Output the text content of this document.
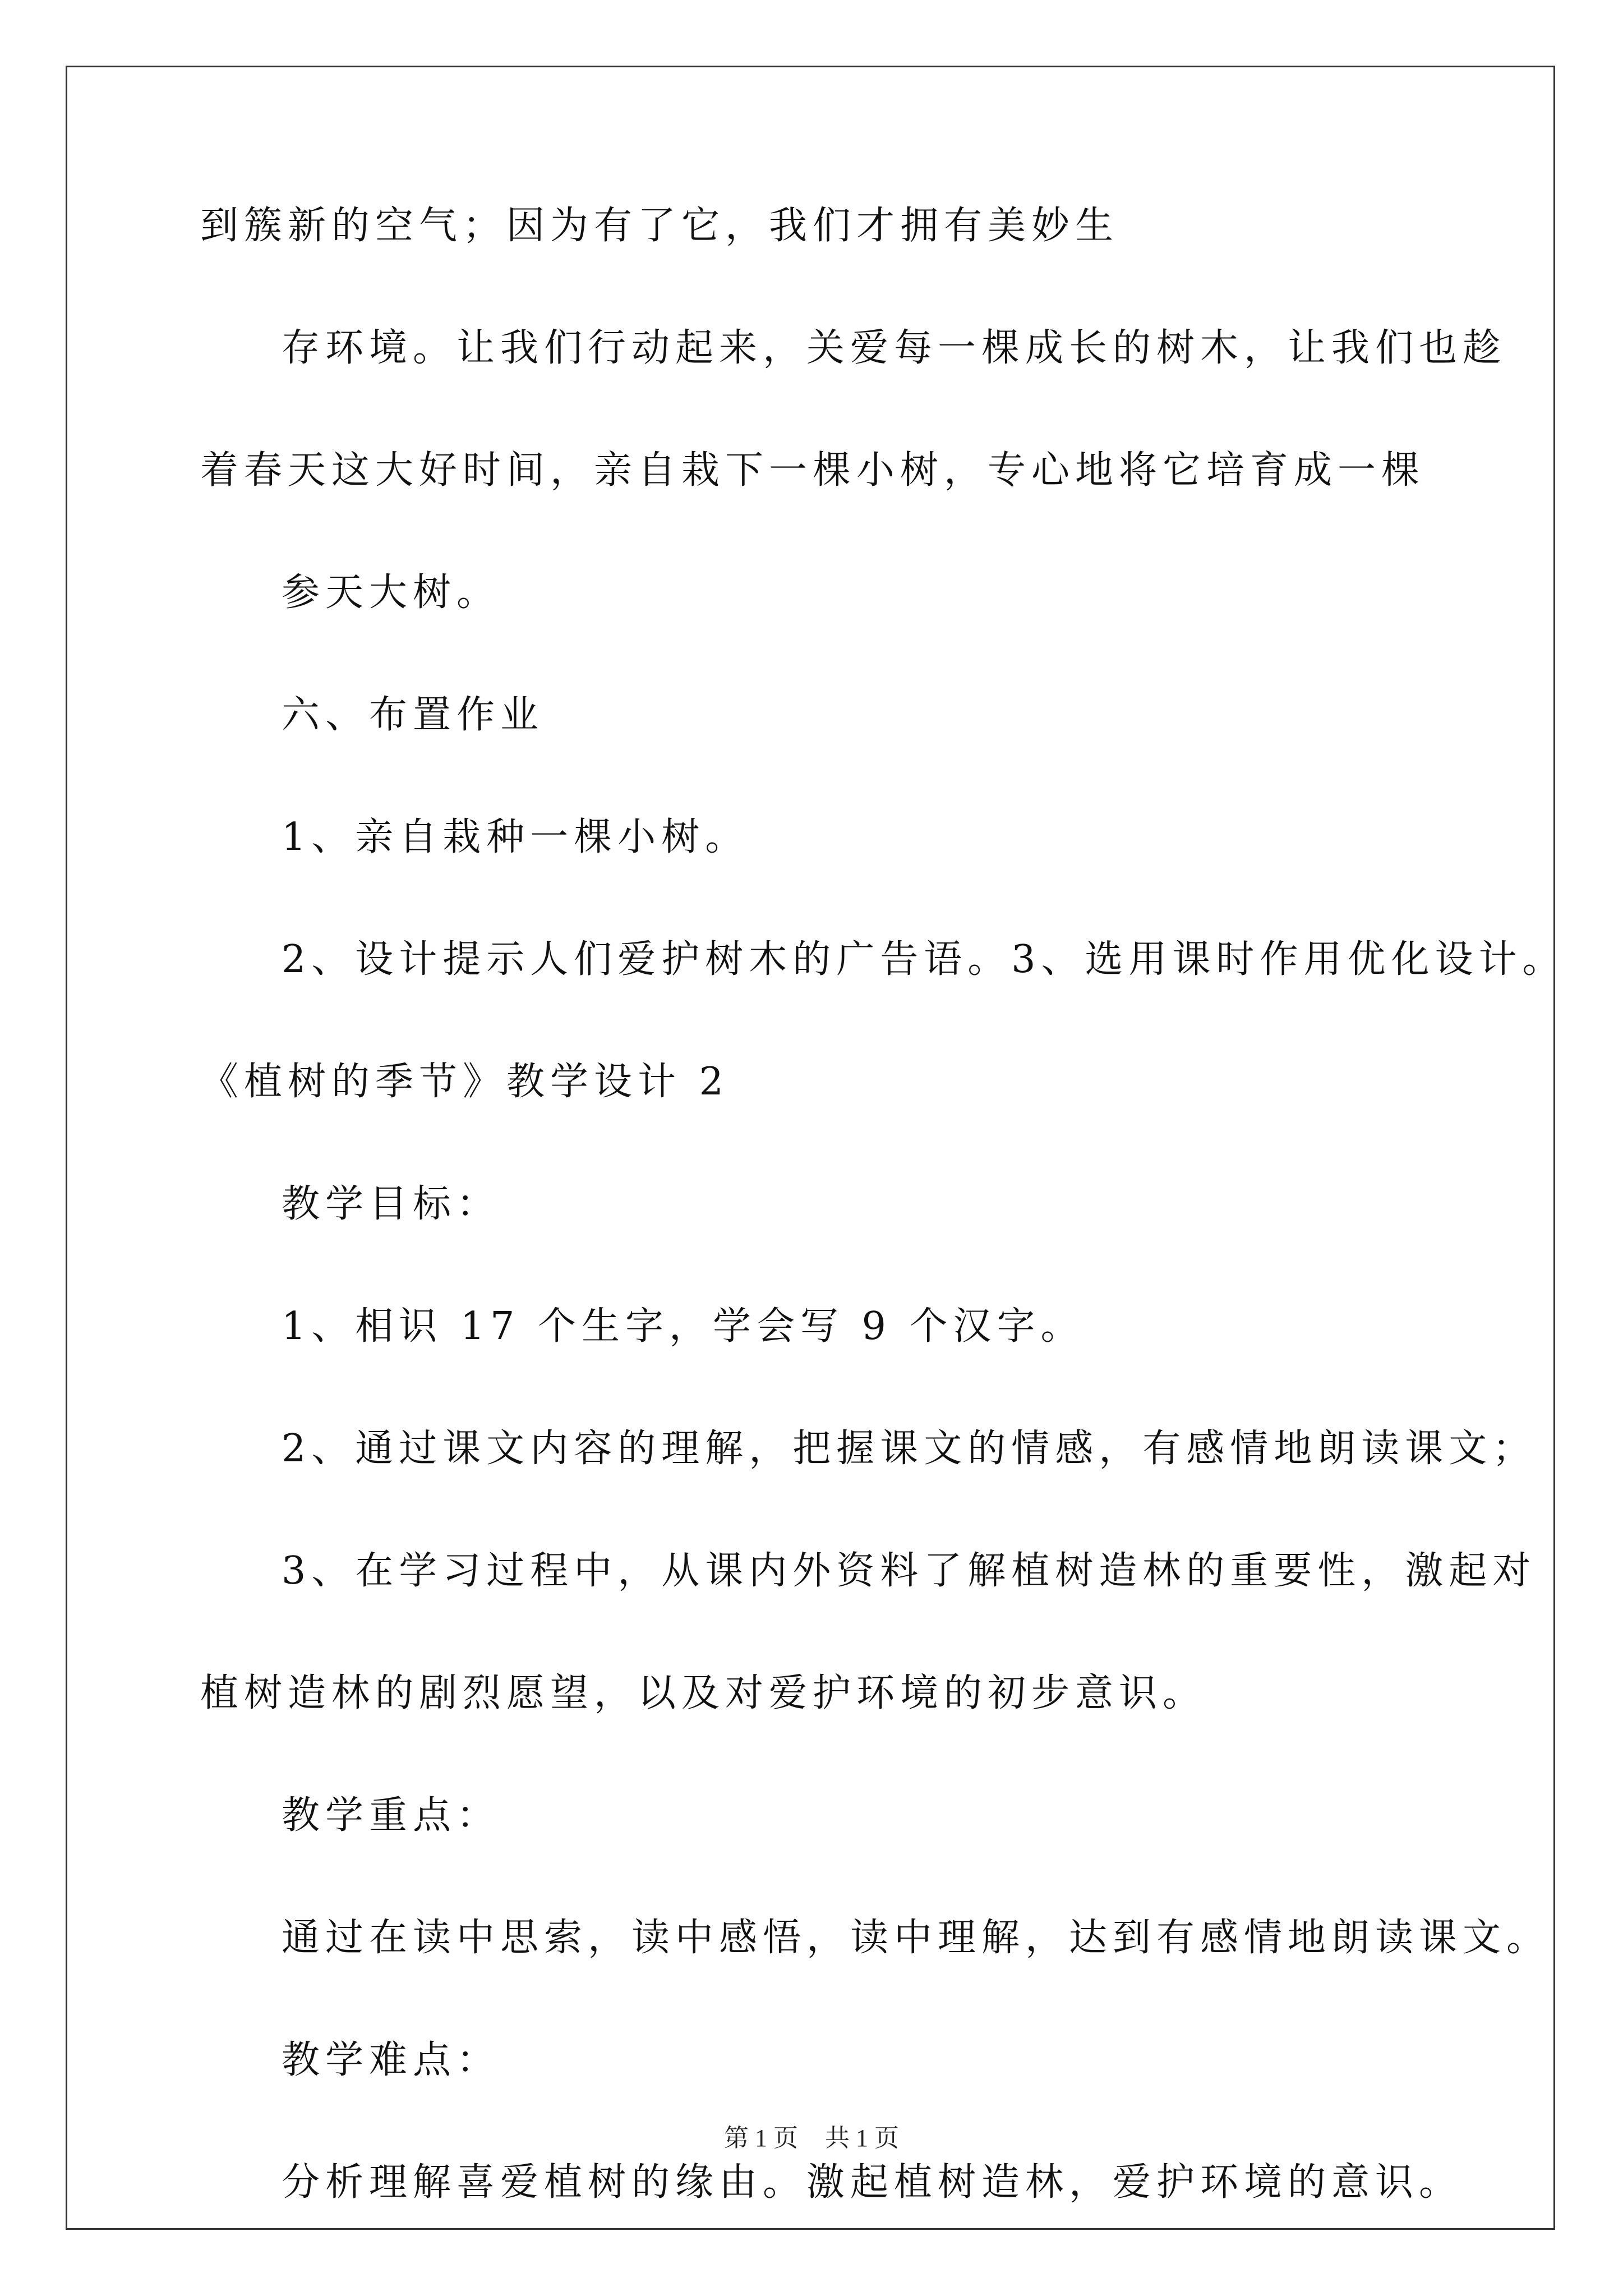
到簇新的空气；因为有了它，我们才拥有美妙生
存环境。让我们行动起来，关爱每一棵成长的树木，让我们也趁
着春天这大好时间，亲自栽下一棵小树，专心地将它培育成一棵
参天大树。
六、布置作业
1、亲自栽种一棵小树。
2、设计提示人们爱护树木的广告语。3、选用课时作用优化设计。
《植树的季节》教学设计 2
教学目标：
1、相识 17 个生字，学会写 9 个汉字。
2、通过课文内容的理解，把握课文的情感，有感情地朗读课文；
3、在学习过程中，从课内外资料了解植树造林的重要性，激起对
植树造林的剧烈愿望，以及对爱护环境的初步意识。
教学重点：
通过在读中思索，读中感悟，读中理解，达到有感情地朗读课文。
教学难点：
分析理解喜爱植树的缘由。激起植树造林，爱护环境的意识。
第 1 页 共 1 页
